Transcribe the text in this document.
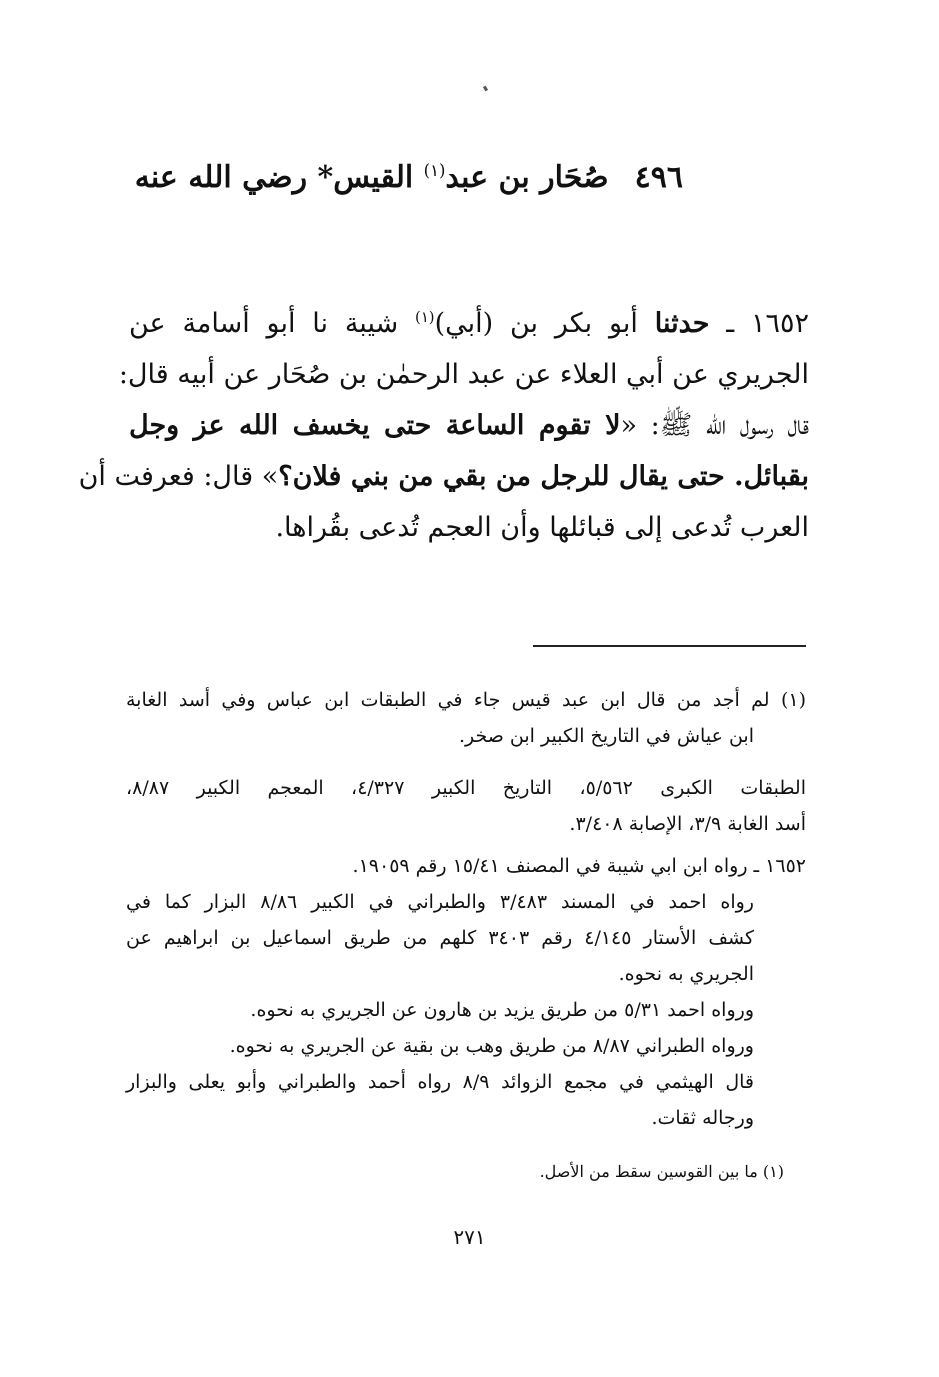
٤٩٦صُحَار بن عبد$^{(١)}$ القيس* رضي الله عنه
١٦٥٢ ـ حدثنا أبو بكر بن (أبي)$^{(١)}$ شيبة نا أبو أسامة عن
الجريري عن أبي العلاء عن عبد الرحمٰن بن صُحَار عن أبيه قال:
قال رسول الله ﷺ: «لا تقوم الساعة حتى يخسف الله عز وجل
بقبائل. حتى يقال للرجل من بقي من بني فلان؟» قال: فعرفت أن
العرب تُدعى إلى قبائلها وأن العجم تُدعى بقُراها.
(١) لم أجد من قال ابن عبد قيس جاء في الطبقات ابن عباس وفي أسد الغابة
ابن عياش في التاريخ الكبير ابن صخر.
الطبقات الكبرى ٥/٥٦٢، التاريخ الكبير ٤/٣٢٧، المعجم الكبير ٨/٨٧،
أسد الغابة ٣/٩، الإصابة ٣/٤٠٨.
١٦٥٢ ـ رواه ابن ابي شيبة في المصنف ١٥/٤١ رقم ١٩٠٥٩.
رواه احمد في المسند ٣/٤٨٣ والطبراني في الكبير ٨/٨٦ البزار كما في
كشف الأستار ٤/١٤٥ رقم ٣٤٠٣ كلهم من طريق اسماعيل بن ابراهيم عن
الجريري به نحوه.
ورواه احمد ٥/٣١ من طريق يزيد بن هارون عن الجريري به نحوه.
ورواه الطبراني ٨/٨٧ من طريق وهب بن بقية عن الجريري به نحوه.
قال الهيثمي في مجمع الزوائد ٨/٩ رواه أحمد والطبراني وأبو يعلى والبزار
ورجاله ثقات.
(١) ما بين القوسين سقط من الأصل.
٢٧١
